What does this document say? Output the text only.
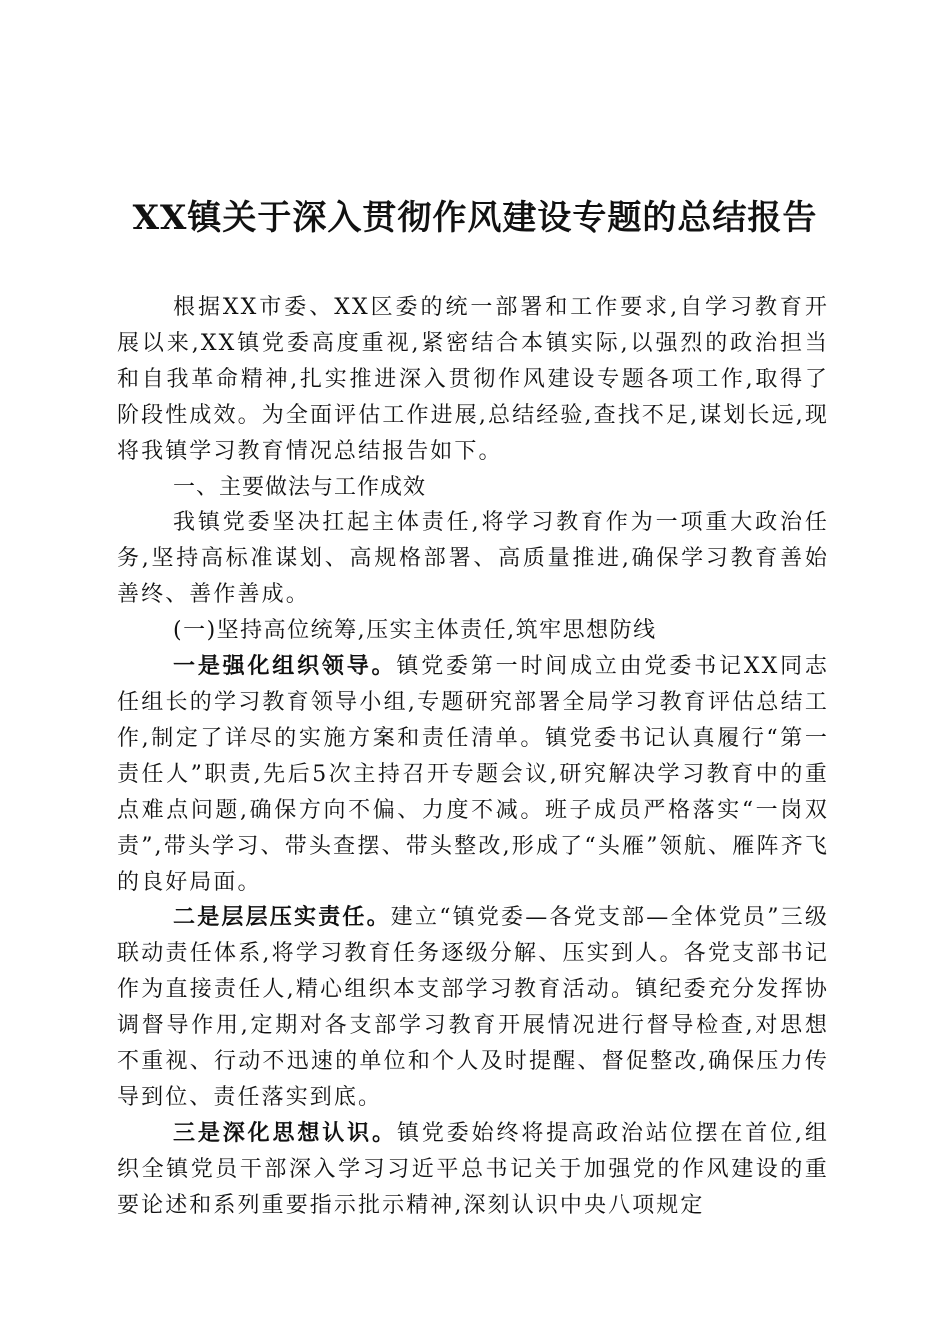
XX镇关于深入贯彻作风建设专题的总结报告

根据XX市委、XX区委的统一部署和工作要求,自学习教育开展以来,XX镇党委高度重视,紧密结合本镇实际,以强烈的政治担当和自我革命精神,扎实推进深入贯彻作风建设专题各项工作,取得了阶段性成效。为全面评估工作进展,总结经验,查找不足,谋划长远,现将我镇学习教育情况总结报告如下。

一、主要做法与工作成效

我镇党委坚决扛起主体责任,将学习教育作为一项重大政治任务,坚持高标准谋划、高规格部署、高质量推进,确保学习教育善始善终、善作善成。

(一)坚持高位统筹,压实主体责任,筑牢思想防线

一是强化组织领导。镇党委第一时间成立由党委书记XX同志任组长的学习教育领导小组,专题研究部署全局学习教育评估总结工作,制定了详尽的实施方案和责任清单。镇党委书记认真履行“第一责任人”职责,先后5次主持召开专题会议,研究解决学习教育中的重点难点问题,确保方向不偏、力度不减。班子成员严格落实“一岗双责”,带头学习、带头查摆、带头整改,形成了“头雁”领航、雁阵齐飞的良好局面。

二是层层压实责任。建立“镇党委—各党支部—全体党员”三级联动责任体系,将学习教育任务逐级分解、压实到人。各党支部书记作为直接责任人,精心组织本支部学习教育活动。镇纪委充分发挥协调督导作用,定期对各支部学习教育开展情况进行督导检查,对思想不重视、行动不迅速的单位和个人及时提醒、督促整改,确保压力传导到位、责任落实到底。

三是深化思想认识。镇党委始终将提高政治站位摆在首位,组织全镇党员干部深入学习习近平总书记关于加强党的作风建设的重要论述和系列重要指示批示精神,深刻认识中央八项规定
